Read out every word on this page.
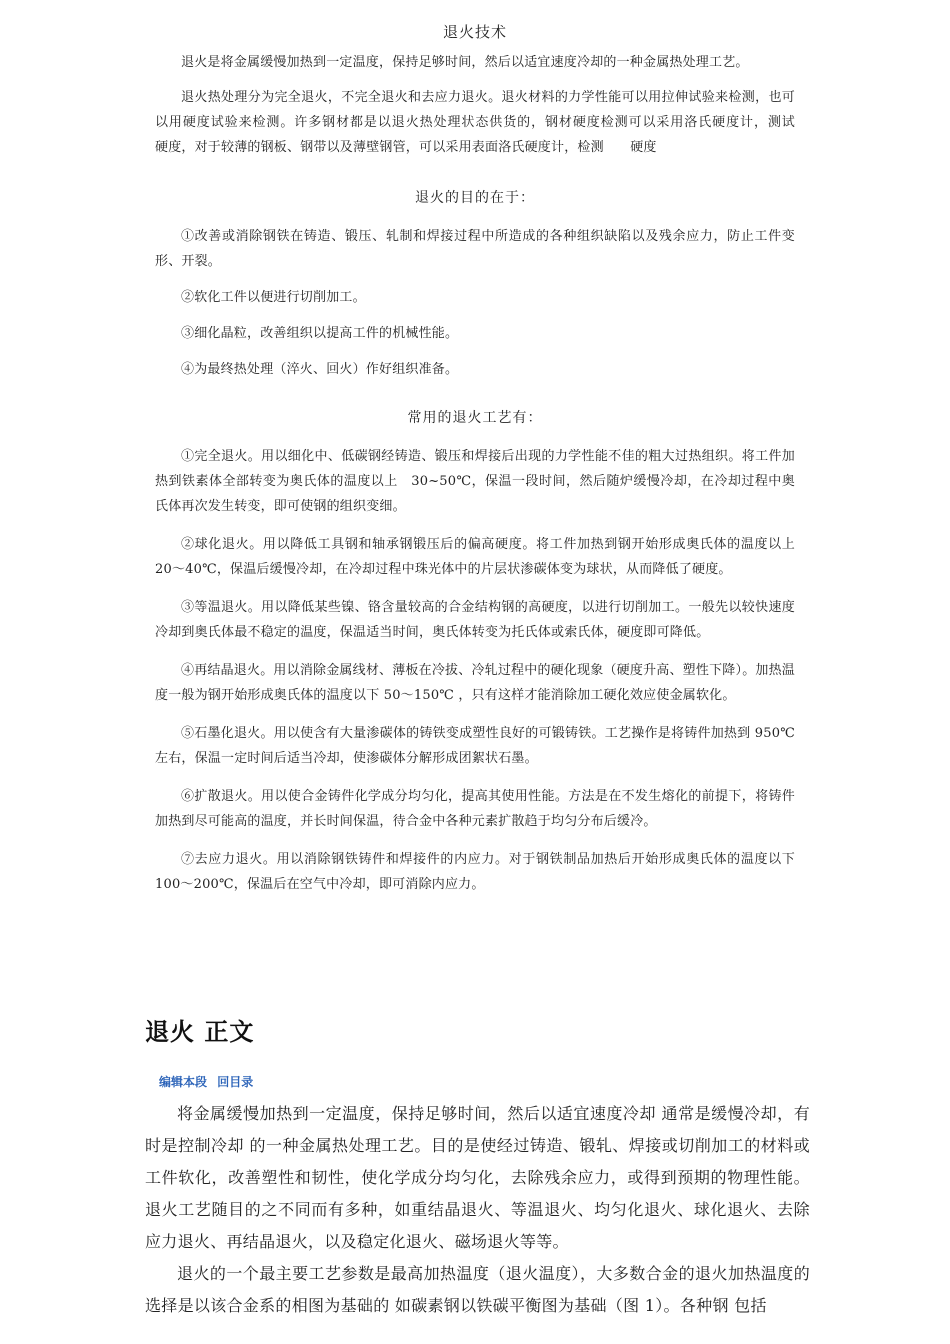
退火技术

退火是将金属缓慢加热到一定温度，保持足够时间，然后以适宜速度冷却的一种金属热处理工艺。

退火热处理分为完全退火，不完全退火和去应力退火。退火材料的力学性能可以用拉伸试验来检测，也可以用硬度试验来检测。许多钢材都是以退火热处理状态供货的，钢材硬度检测可以采用洛氏硬度计，测试　　硬度，对于较薄的钢板、钢带以及薄壁钢管，可以采用表面洛氏硬度计，检测　　硬度

退火的目的在于：

①改善或消除钢铁在铸造、锻压、轧制和焊接过程中所造成的各种组织缺陷以及残余应力，防止工件变形、开裂。

②软化工件以便进行切削加工。

③细化晶粒，改善组织以提高工件的机械性能。

④为最终热处理（淬火、回火）作好组织准备。

常用的退火工艺有：

①完全退火。用以细化中、低碳钢经铸造、锻压和焊接后出现的力学性能不佳的粗大过热组织。将工件加热到铁素体全部转变为奥氏体的温度以上　30~50℃，保温一段时间，然后随炉缓慢冷却，在冷却过程中奥氏体再次发生转变，即可使钢的组织变细。

②球化退火。用以降低工具钢和轴承钢锻压后的偏高硬度。将工件加热到钢开始形成奥氏体的温度以上 20～40℃，保温后缓慢冷却，在冷却过程中珠光体中的片层状渗碳体变为球状，从而降低了硬度。

③等温退火。用以降低某些镍、铬含量较高的合金结构钢的高硬度，以进行切削加工。一般先以较快速度冷却到奥氏体最不稳定的温度，保温适当时间，奥氏体转变为托氏体或索氏体，硬度即可降低。

④再结晶退火。用以消除金属线材、薄板在冷拔、冷轧过程中的硬化现象（硬度升高、塑性下降）。加热温度一般为钢开始形成奥氏体的温度以下 50～150℃ ，只有这样才能消除加工硬化效应使金属软化。

⑤石墨化退火。用以使含有大量渗碳体的铸铁变成塑性良好的可锻铸铁。工艺操作是将铸件加热到 950℃左右，保温一定时间后适当冷却，使渗碳体分解形成团絮状石墨。

⑥扩散退火。用以使合金铸件化学成分均匀化，提高其使用性能。方法是在不发生熔化的前提下，将铸件加热到尽可能高的温度，并长时间保温，待合金中各种元素扩散趋于均匀分布后缓冷。

⑦去应力退火。用以消除钢铁铸件和焊接件的内应力。对于钢铁制品加热后开始形成奥氏体的温度以下 100～200℃，保温后在空气中冷却，即可消除内应力。

退火 正文
编辑本段 回目录

将金属缓慢加热到一定温度，保持足够时间，然后以适宜速度冷却 通常是缓慢冷却，有时是控制冷却 的一种金属热处理工艺。目的是使经过铸造、锻轧、焊接或切削加工的材料或工件软化，改善塑性和韧性，使化学成分均匀化，去除残余应力，或得到预期的物理性能。退火工艺随目的之不同而有多种，如重结晶退火、等温退火、均匀化退火、球化退火、去除应力退火、再结晶退火，以及稳定化退火、磁场退火等等。

退火的一个最主要工艺参数是最高加热温度（退火温度），大多数合金的退火加热温度的选择是以该合金系的相图为基础的 如碳素钢以铁碳平衡图为基础（图 1）。各种钢 包括
